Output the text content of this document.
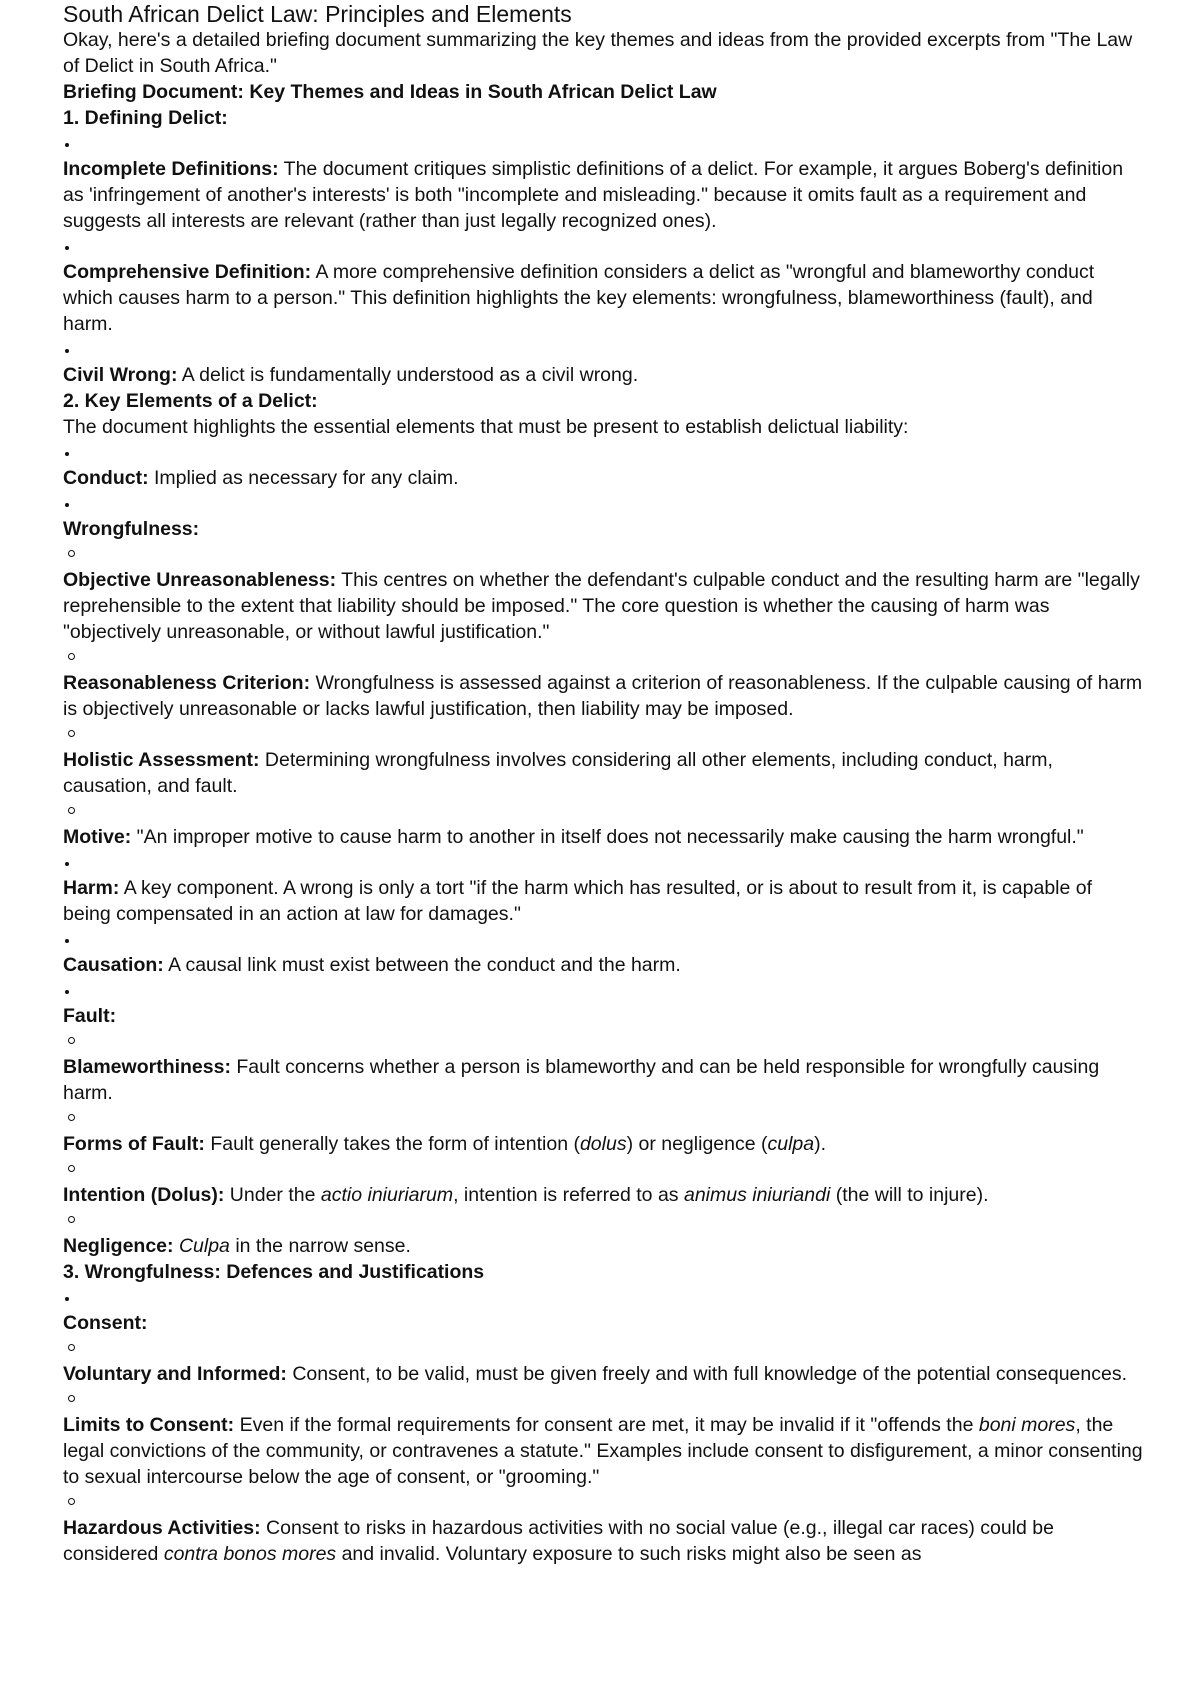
South African Delict Law: Principles and Elements

Okay, here's a detailed briefing document summarizing the key themes and ideas from the provided excerpts from "The Law of Delict in South Africa."

Briefing Document: Key Themes and Ideas in South African Delict Law

1. Defining Delict:

Incomplete Definitions: The document critiques simplistic definitions of a delict. For example, it argues Boberg's definition as 'infringement of another's interests' is both "incomplete and misleading." because it omits fault as a requirement and suggests all interests are relevant (rather than just legally recognized ones).

Comprehensive Definition: A more comprehensive definition considers a delict as "wrongful and blameworthy conduct which causes harm to a person." This definition highlights the key elements: wrongfulness, blameworthiness (fault), and harm.

Civil Wrong: A delict is fundamentally understood as a civil wrong.

2. Key Elements of a Delict:

The document highlights the essential elements that must be present to establish delictual liability:

Conduct: Implied as necessary for any claim.

Wrongfulness:

Objective Unreasonableness: This centres on whether the defendant's culpable conduct and the resulting harm are "legally reprehensible to the extent that liability should be imposed." The core question is whether the causing of harm was "objectively unreasonable, or without lawful justification."

Reasonableness Criterion: Wrongfulness is assessed against a criterion of reasonableness. If the culpable causing of harm is objectively unreasonable or lacks lawful justification, then liability may be imposed.

Holistic Assessment: Determining wrongfulness involves considering all other elements, including conduct, harm, causation, and fault.

Motive: "An improper motive to cause harm to another in itself does not necessarily make causing the harm wrongful."

Harm: A key component. A wrong is only a tort "if the harm which has resulted, or is about to result from it, is capable of being compensated in an action at law for damages."

Causation: A causal link must exist between the conduct and the harm.

Fault:

Blameworthiness: Fault concerns whether a person is blameworthy and can be held responsible for wrongfully causing harm.

Forms of Fault: Fault generally takes the form of intention (dolus) or negligence (culpa).

Intention (Dolus): Under the actio iniuriarum, intention is referred to as animus iniuriandi (the will to injure).

Negligence: Culpa in the narrow sense.

3. Wrongfulness: Defences and Justifications

Consent:

Voluntary and Informed: Consent, to be valid, must be given freely and with full knowledge of the potential consequences.

Limits to Consent: Even if the formal requirements for consent are met, it may be invalid if it "offends the boni mores, the legal convictions of the community, or contravenes a statute." Examples include consent to disfigurement, a minor consenting to sexual intercourse below the age of consent, or "grooming."

Hazardous Activities: Consent to risks in hazardous activities with no social value (e.g., illegal car races) could be considered contra bonos mores and invalid. Voluntary exposure to such risks might also be seen as
